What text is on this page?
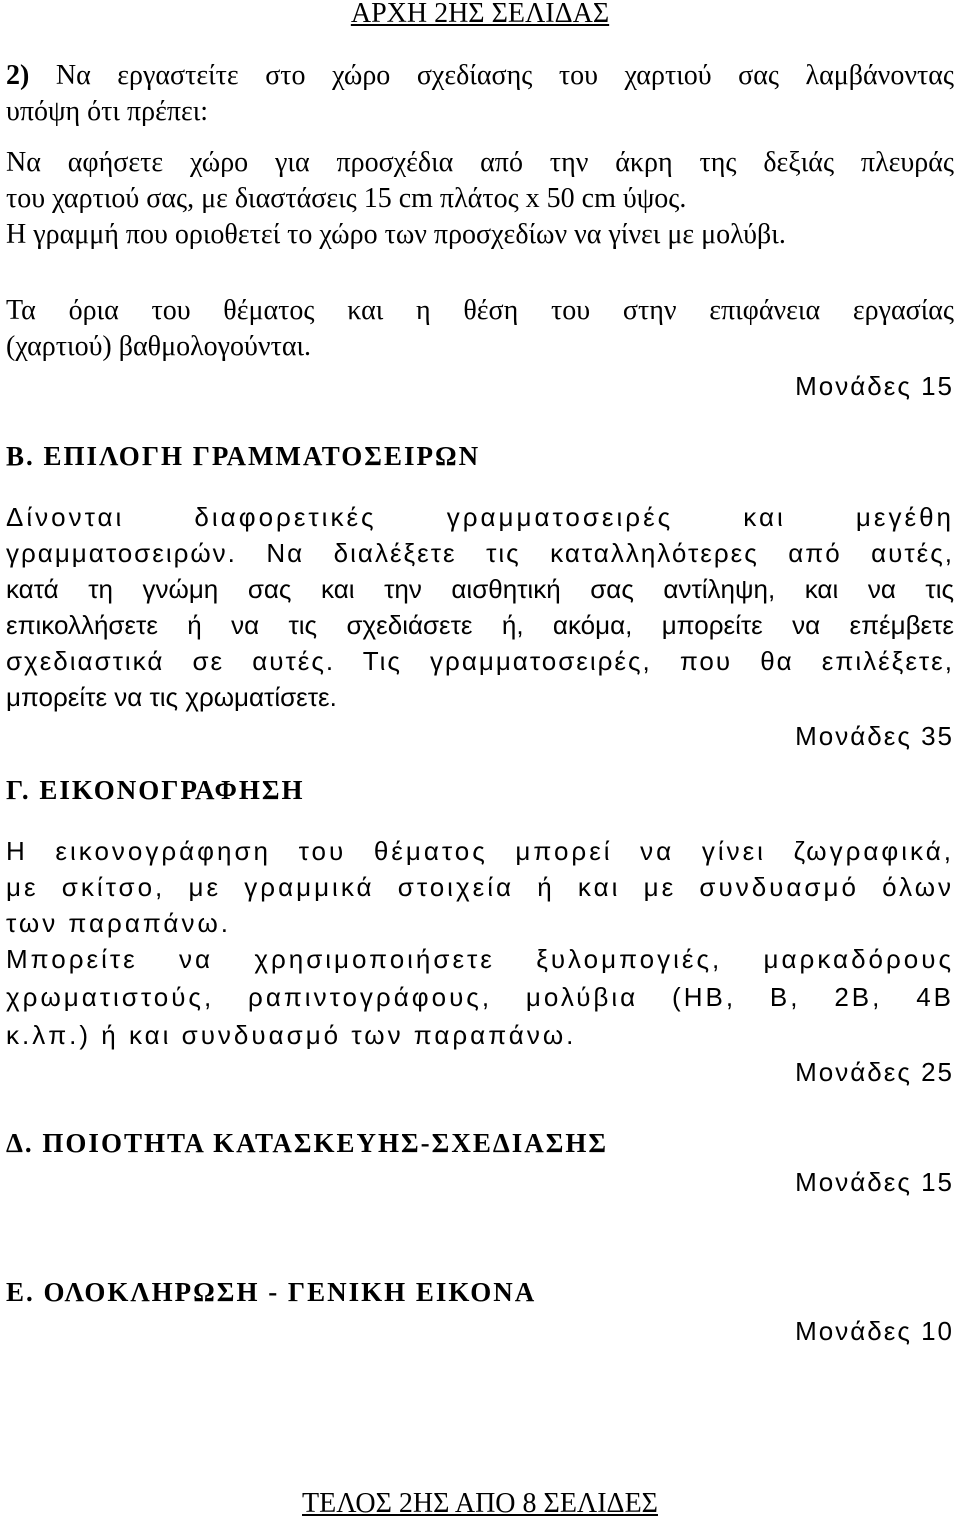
ΑΡΧΗ 2ΗΣ ΣΕΛΙΔΑΣ
2) Να εργαστείτε στο χώρο σχεδίασης του χαρτιού σας λαμβάνοντας
υπόψη ότι πρέπει:
Να αφήσετε χώρο για προσχέδια από την άκρη της δεξιάς πλευράς
του χαρτιού σας, με διαστάσεις 15 cm πλάτος x 50 cm ύψος.
Η γραμμή που οριοθετεί το χώρο των προσχεδίων να γίνει με μολύβι.
Τα όρια του θέματος και η θέση του στην επιφάνεια εργασίας
(χαρτιού) βαθμολογούνται.
Μονάδες 15
Β. ΕΠΙΛΟΓΗ ΓΡΑΜΜΑΤΟΣΕΙΡΩΝ
Δίνονται διαφορετικές γραμματοσειρές και μεγέθη
γραμματοσειρών. Να διαλέξετε τις καταλληλότερες από αυτές,
κατά τη γνώμη σας και την αισθητική σας αντίληψη, και να τις
επικολλήσετε ή να τις σχεδιάσετε ή, ακόμα, μπορείτε να επέμβετε
σχεδιαστικά σε αυτές. Τις γραμματοσειρές, που θα επιλέξετε,
μπορείτε να τις χρωματίσετε.
Μονάδες 35
Γ. ΕΙΚΟΝΟΓΡΑΦΗΣΗ
Η εικονογράφηση του θέματος μπορεί να γίνει ζωγραφικά,
με σκίτσο, με γραμμικά στοιχεία ή και με συνδυασμό όλων
των παραπάνω.
Μπορείτε να χρησιμοποιήσετε ξυλομπογιές, μαρκαδόρους
χρωματιστούς, ραπιντογράφους, μολύβια (ΗΒ, Β, 2Β, 4Β
κ.λπ.) ή και συνδυασμό των παραπάνω.
Μονάδες 25
Δ. ΠΟΙΟΤΗΤΑ ΚΑΤΑΣΚΕΥΗΣ-ΣΧΕΔΙΑΣΗΣ
Μονάδες 15
Ε. ΟΛΟΚΛΗΡΩΣΗ - ΓΕΝΙΚΗ ΕΙΚΟΝΑ
Μονάδες 10
ΤΕΛΟΣ 2ΗΣ ΑΠΟ 8 ΣΕΛΙΔΕΣ
